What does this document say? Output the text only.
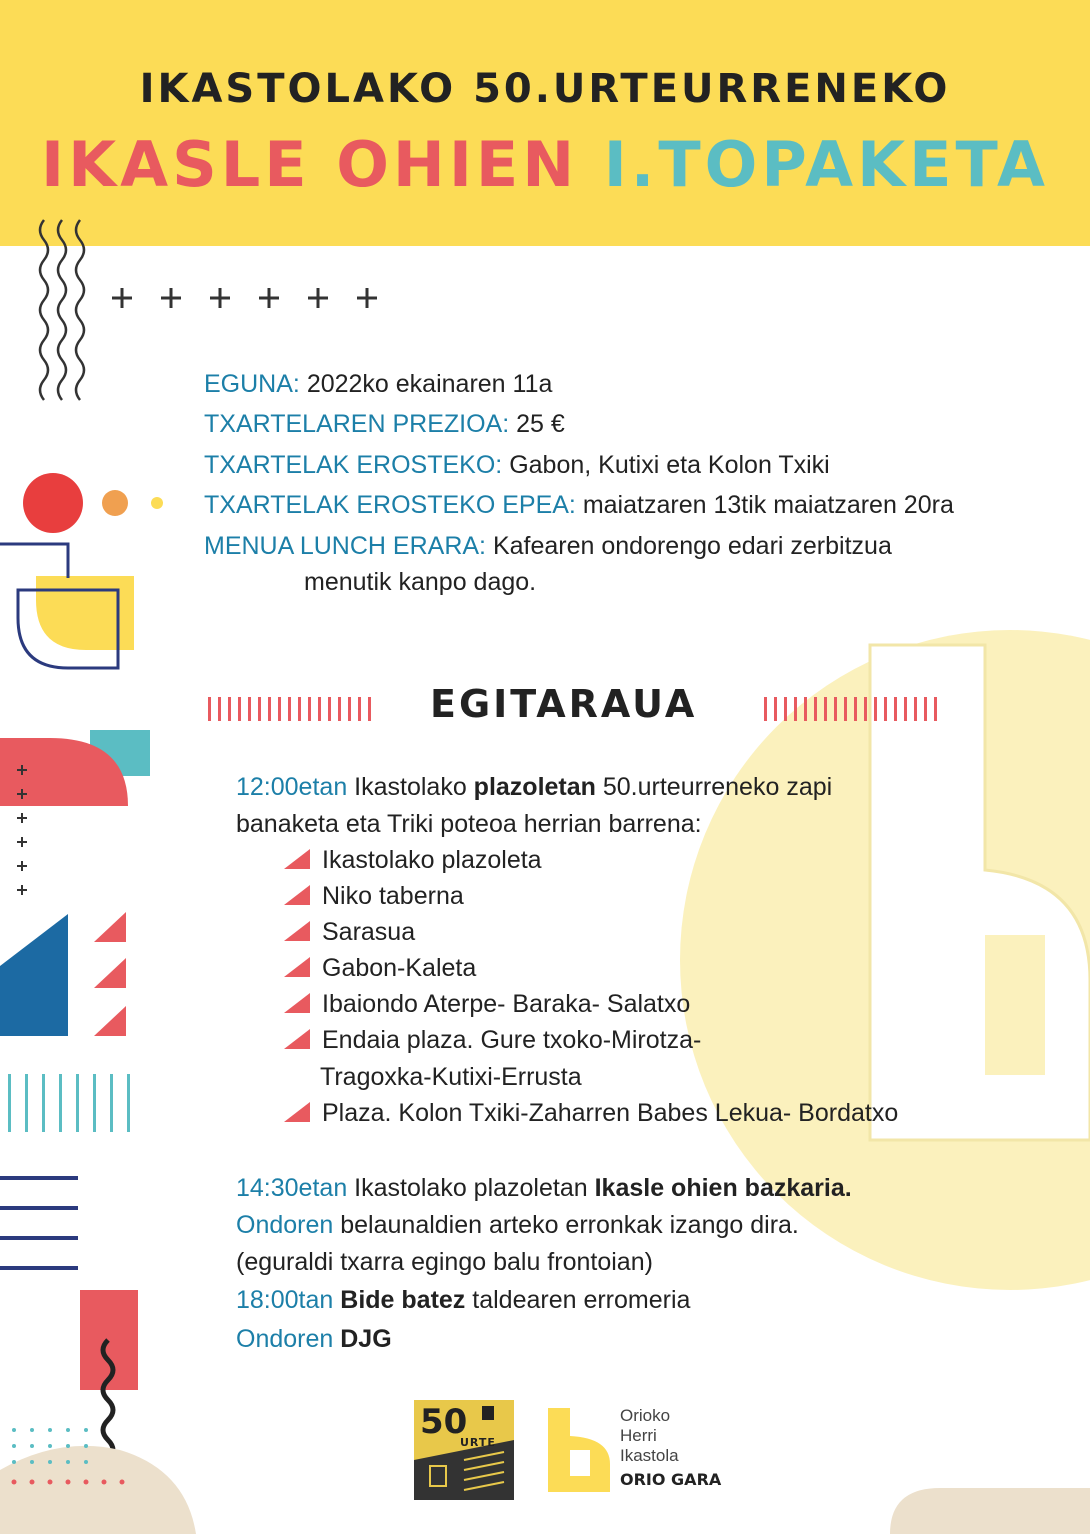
IKASTOLAKO 50.URTEURRENEKO
IKASLE OHIEN I.TOPAKETA
EGUNA: 2022ko ekainaren 11a
TXARTELAREN PREZIOA: 25 €
TXARTELAK EROSTEKO: Gabon, Kutixi eta Kolon Txiki
TXARTELAK EROSTEKO EPEA: maiatzaren 13tik maiatzaren 20ra
MENUA LUNCH ERARA: Kafearen ondorengo edari zerbitzua
menutik kanpo dago.
EGITARAUA
12:00etan Ikastolako plazoletan 50.urteurreneko zapi
banaketa eta Triki poteoa herrian barrena:
Ikastolako plazoleta
Niko taberna
Sarasua
Gabon-Kaleta
Ibaiondo Aterpe- Baraka- Salatxo
Endaia plaza. Gure txoko-Mirotza-
Tragoxka-Kutixi-Errusta
Plaza. Kolon Txiki-Zaharren Babes Lekua- Bordatxo
14:30etan Ikastolako plazoletan Ikasle ohien bazkaria.
Ondoren belaunaldien arteko erronkak izango dira.
(eguraldi txarra egingo balu frontoian)
18:00tan Bide batez taldearen erromeria
Ondoren DJG
50
URTE
Orioko
Herri
Ikastola
ORIO GARA
